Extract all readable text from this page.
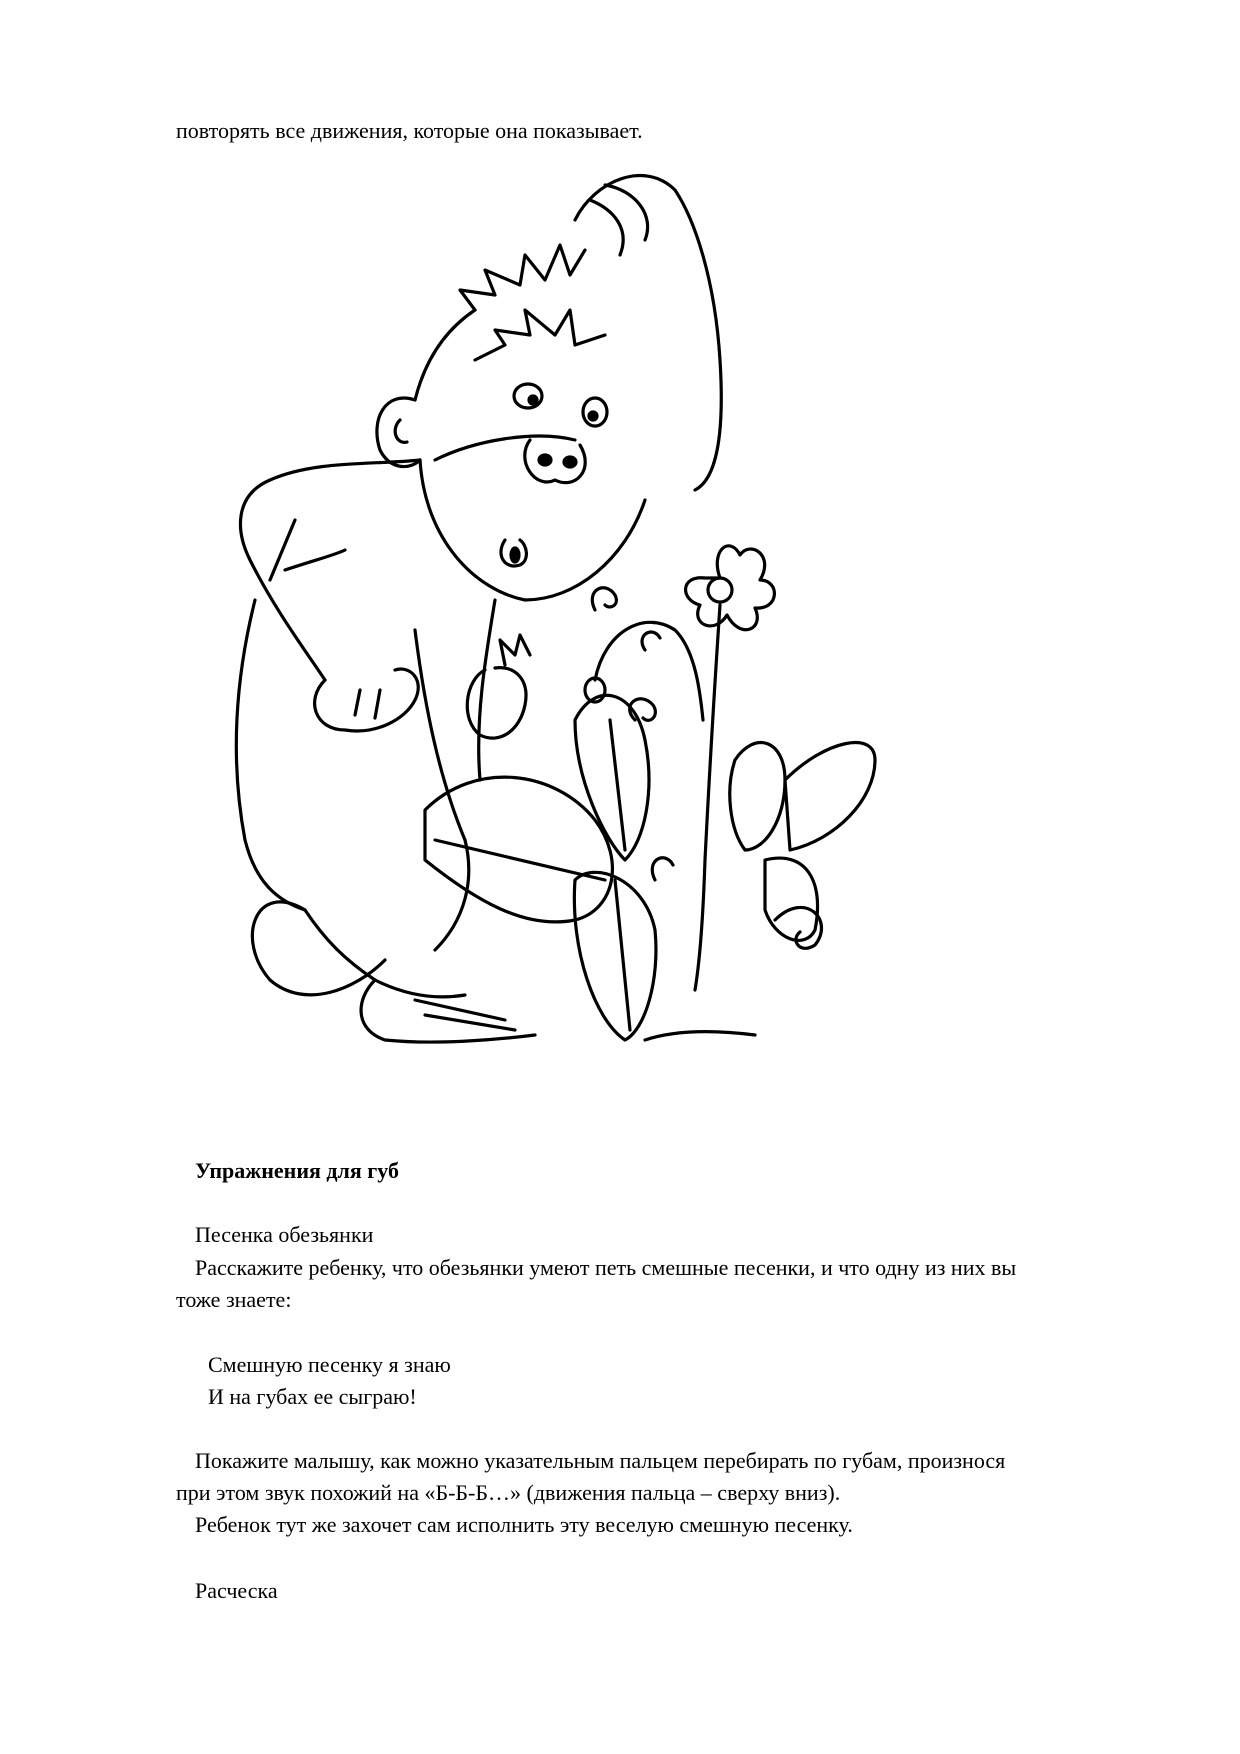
повторять все движения, которые она показывает.
Упражнения для губ
Песенка обезьянки
Расскажите ребенку, что обезьянки умеют петь смешные песенки, и что одну из них вы
тоже знаете:
Смешную песенку я знаю
И на губах ее сыграю!
Покажите малышу, как можно указательным пальцем перебирать по губам, произнося
при этом звук похожий на «Б-Б-Б…» (движения пальца – сверху вниз).
Ребенок тут же захочет сам исполнить эту веселую смешную песенку.
Расческа
